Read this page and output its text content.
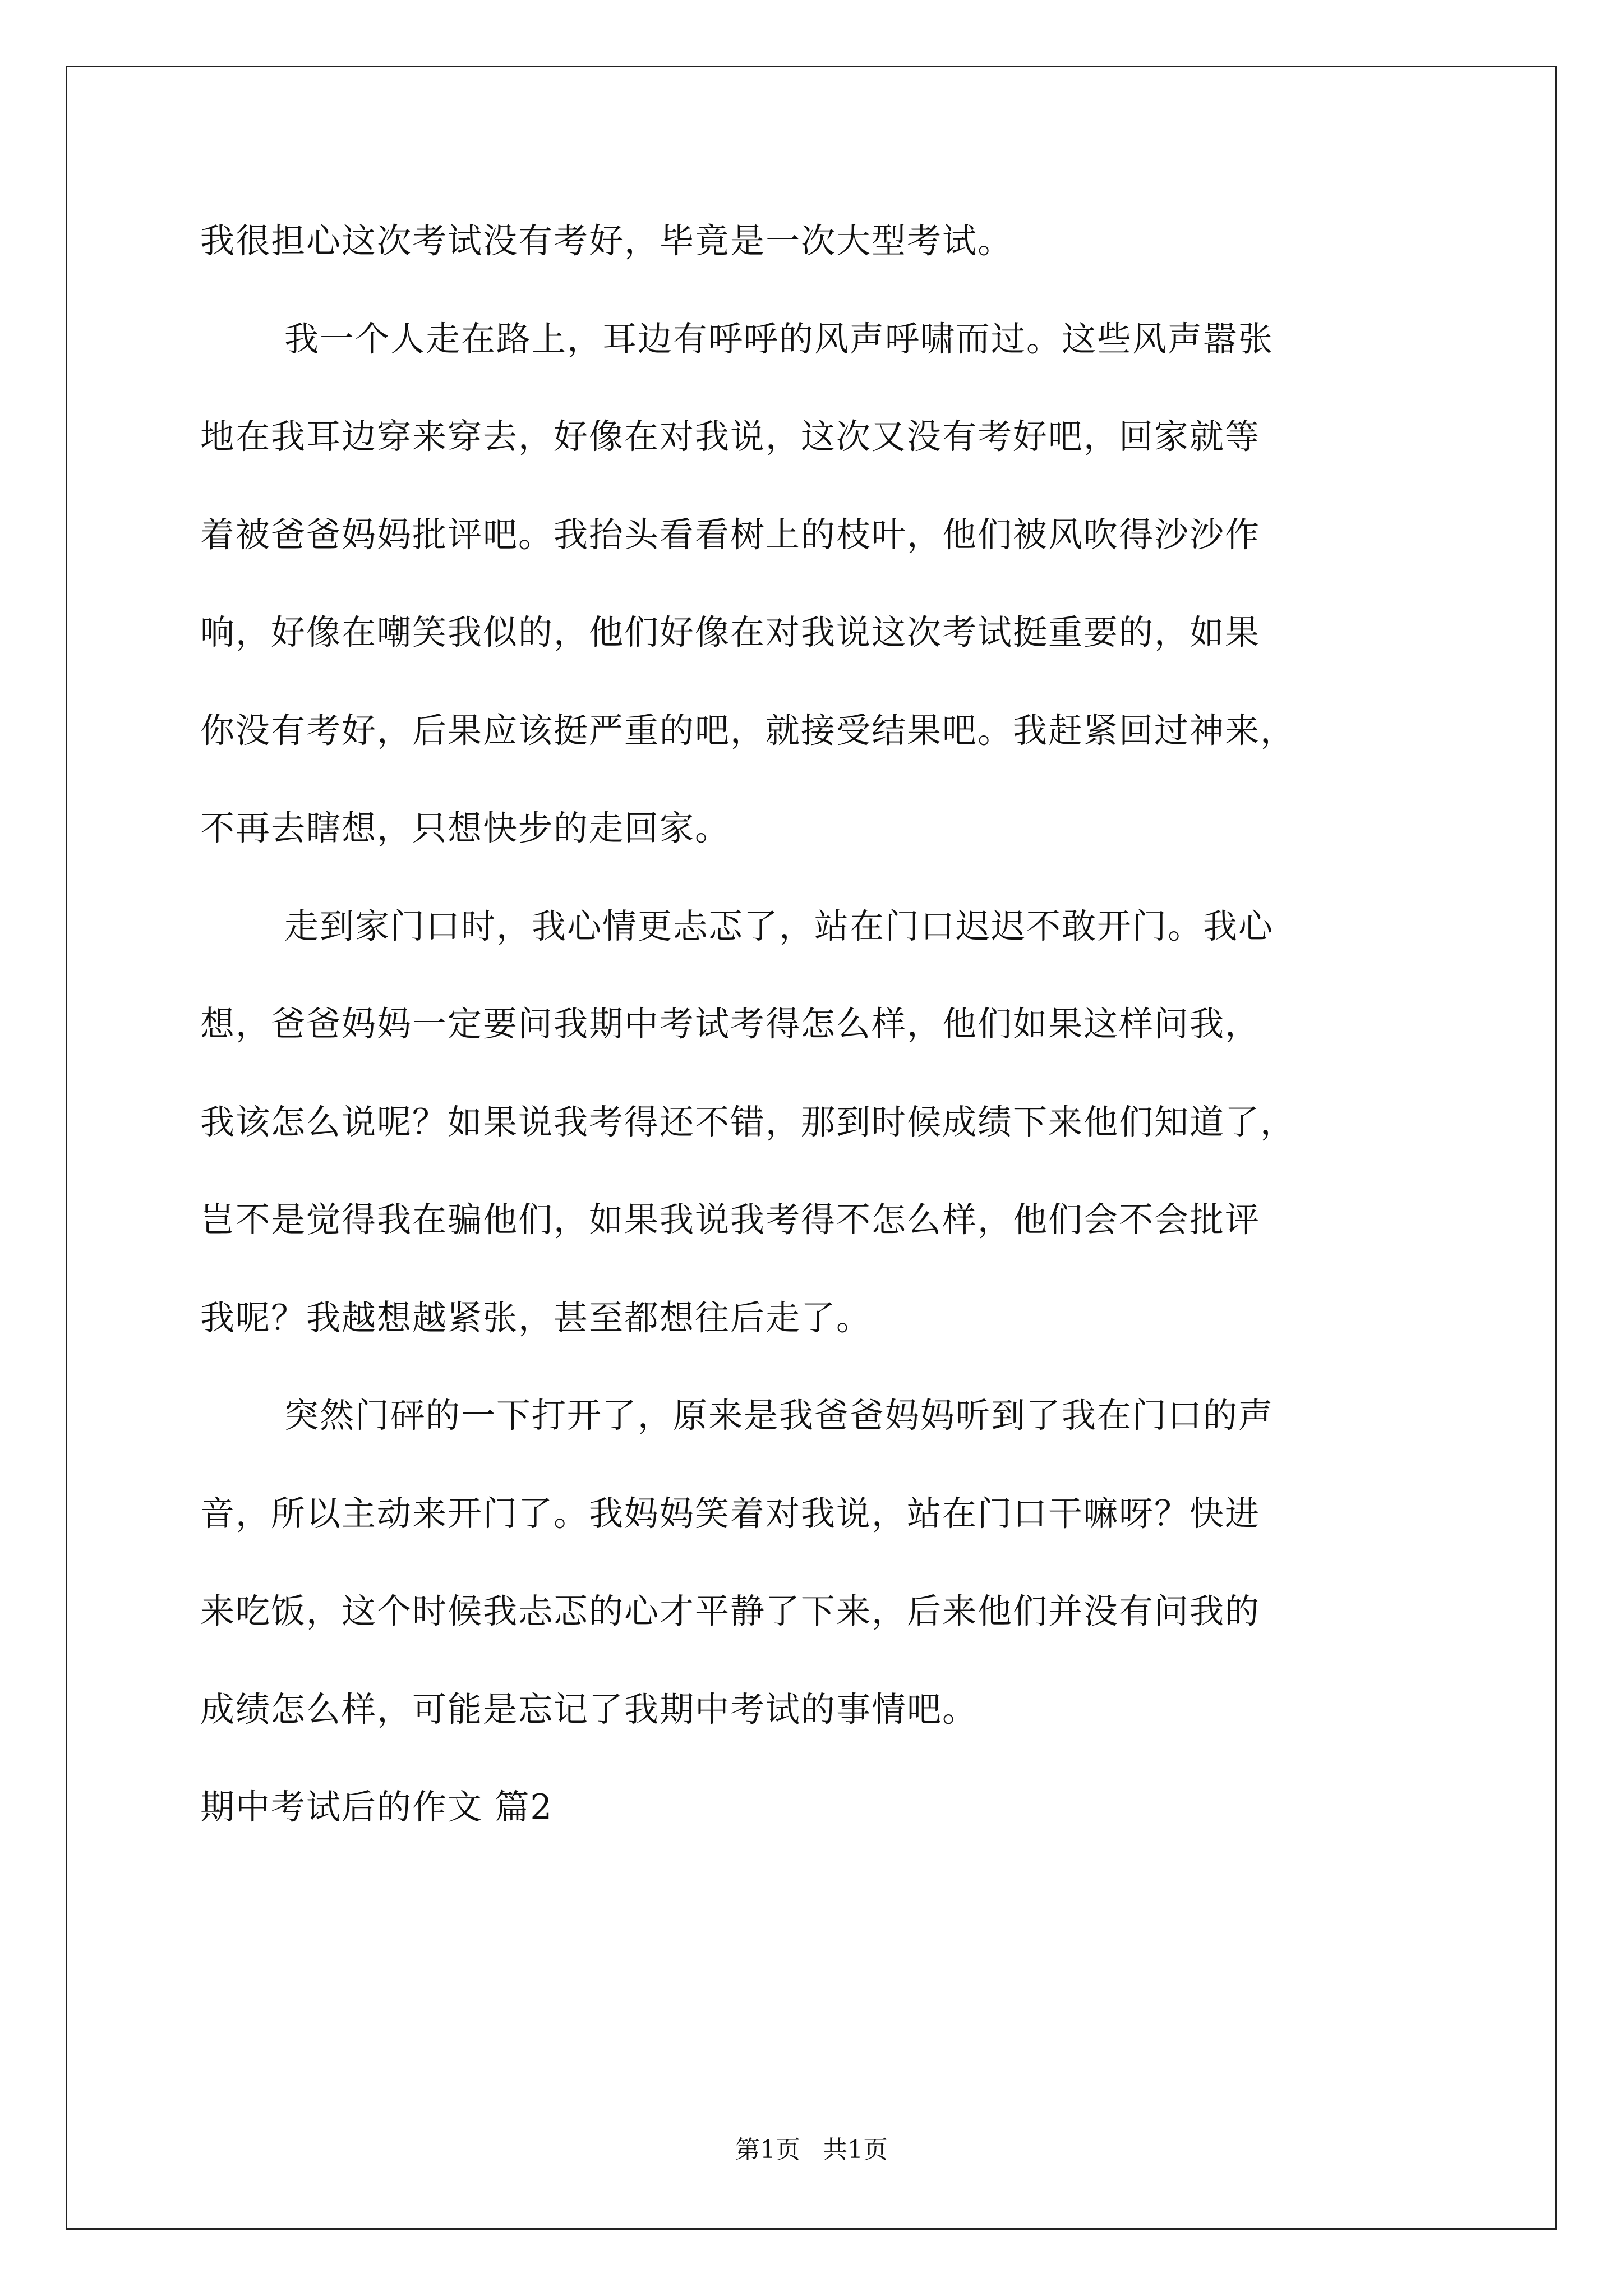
我很担心这次考试没有考好，毕竟是一次大型考试。
我一个人走在路上，耳边有呼呼的风声呼啸而过。这些风声嚣张
地在我耳边穿来穿去，好像在对我说，这次又没有考好吧，回家就等
着被爸爸妈妈批评吧。我抬头看看树上的枝叶，他们被风吹得沙沙作
响，好像在嘲笑我似的，他们好像在对我说这次考试挺重要的，如果
你没有考好，后果应该挺严重的吧，就接受结果吧。我赶紧回过神来，
不再去瞎想，只想快步的走回家。
走到家门口时，我心情更忐忑了，站在门口迟迟不敢开门。我心
想，爸爸妈妈一定要问我期中考试考得怎么样，他们如果这样问我，
我该怎么说呢？如果说我考得还不错，那到时候成绩下来他们知道了，
岂不是觉得我在骗他们，如果我说我考得不怎么样，他们会不会批评
我呢？我越想越紧张，甚至都想往后走了。
突然门砰的一下打开了，原来是我爸爸妈妈听到了我在门口的声
音，所以主动来开门了。我妈妈笑着对我说，站在门口干嘛呀？快进
来吃饭，这个时候我忐忑的心才平静了下来，后来他们并没有问我的
成绩怎么样，可能是忘记了我期中考试的事情吧。
期中考试后的作文 篇2
第1页 共1页
